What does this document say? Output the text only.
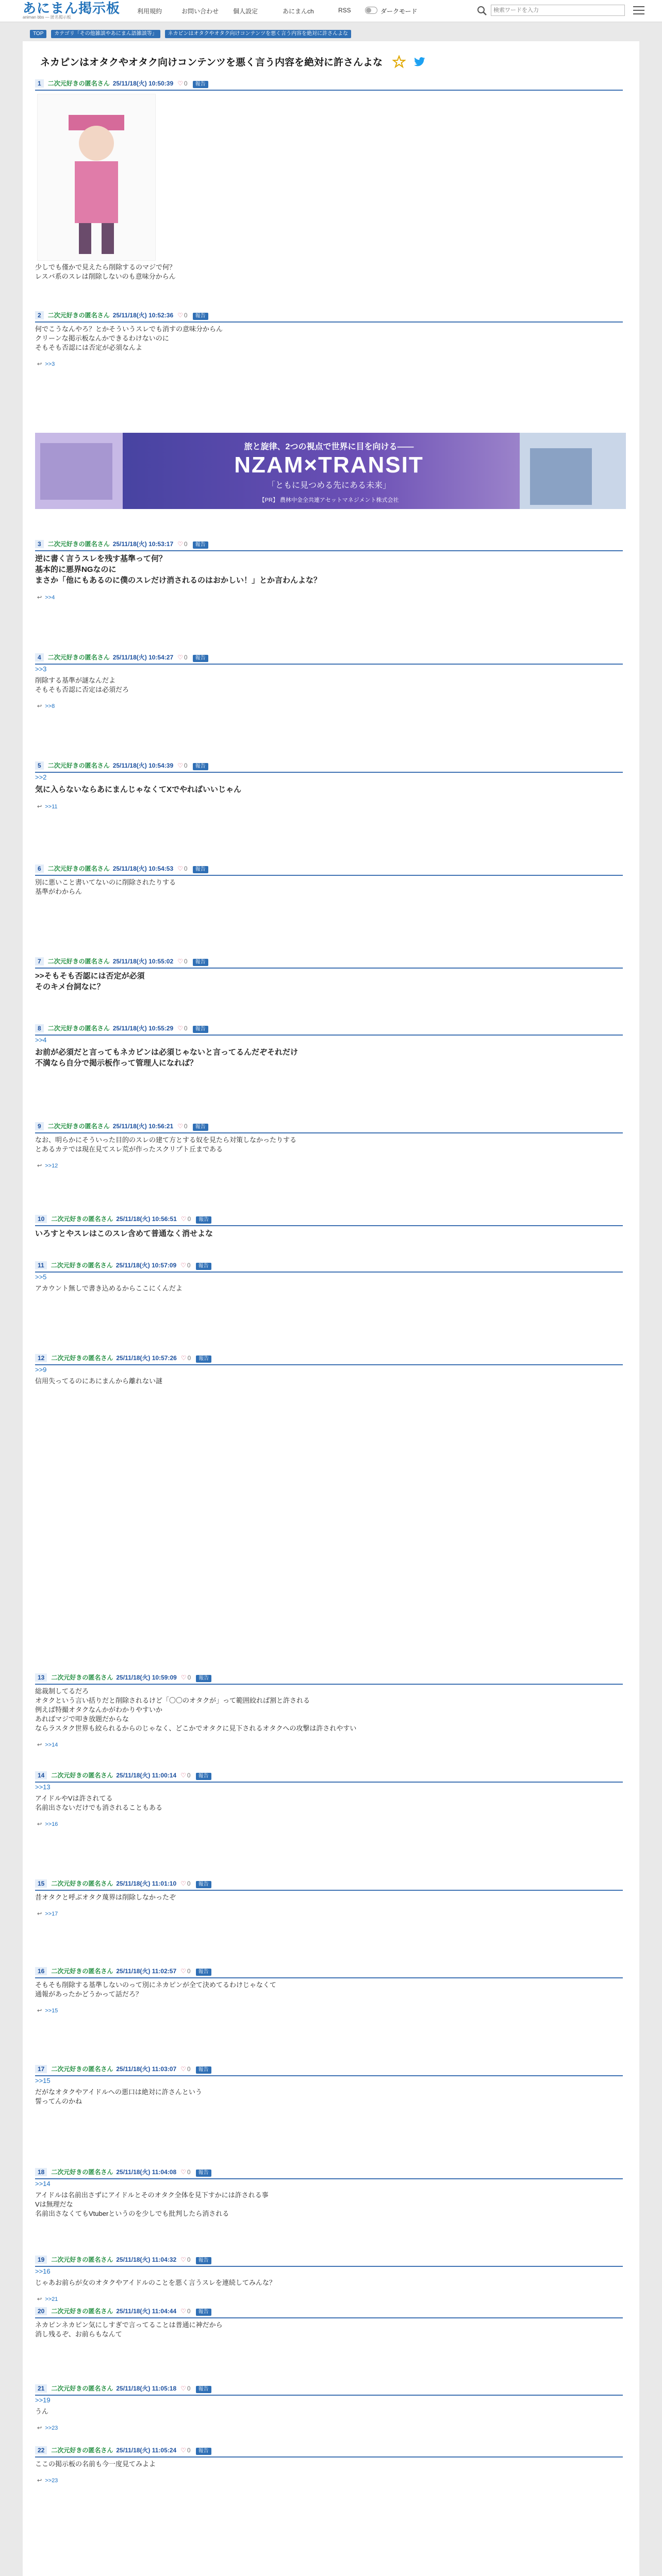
あにまん掲示板
animan bbs — 匿名掲示板
利用規約	お問い合わせ 個人設定	あにまんch	RSS	ダークモード
検索ワードを入力
TOP カテゴリ「その他雑談やあにまん語雑談等」 ネカピンはオタクやオタク向けコンテンツを悪く言う内容を絶対に許さんよな
ネカピンはオタクやオタク向けコンテンツを悪く言う内容を絶対に許さんよな
1 二次元好きの匿名さん 25/11/18(火) 10:50:39 ♡ 0 報告
少しでも僅かで見えたら削除するのマジで何？
レスバ系のスレは削除しないのも意味分からん
2 二次元好きの匿名さん 25/11/18(火) 10:52:36 ♡ 0 報告
何でこうなんやろ？とかそういうスレでも消すの意味分からん
クリーンな掲示板なんかできるわけないのに
そもそも否認には否定が必須なんよ
↩ >>3
3 二次元好きの匿名さん 25/11/18(火) 10:53:17 ♡ 0 報告
逆に書く言うスレを残す基準って何？
基本的に悪界NGなのに
まさか「他にもあるのに僕のスレだけ消されるのはおかしい！」とか言わんよな？
↩ >>4
4 二次元好きの匿名さん 25/11/18(火) 10:54:27 ♡ 0 報告
>>3
削除する基準が謎なんだよ
そもそも否認に否定は必須だろ
↩ >>8
5 二次元好きの匿名さん 25/11/18(火) 10:54:39 ♡ 0 報告
>>2
気に入らないならあにまんじゃなくてXでやればいいじゃん
↩ >>11
6 二次元好きの匿名さん 25/11/18(火) 10:54:53 ♡ 0 報告
別に悪いこと書いてないのに削除されたりする
基準がわからん
7 二次元好きの匿名さん 25/11/18(火) 10:55:02 ♡ 0 報告
>>そもそも否認には否定が必須
そのキメ台詞なに？
8 二次元好きの匿名さん 25/11/18(火) 10:55:29 ♡ 0 報告
>>4
お前が必須だと言ってもネカピンは必須じゃないと言ってるんだぞそれだけ
不満なら自分で掲示板作って管理人になれば？
9 二次元好きの匿名さん 25/11/18(火) 10:56:21 ♡ 0 報告
なお、明らかにそういった目的のスレの建て方とする奴を見たら対策しなかったりする
とあるカテでは現在見てスレ荒が作ったスクリプト丘まである
↩ >>12
10 二次元好きの匿名さん 25/11/18(火) 10:56:51 ♡ 0 報告
いろすとやスレはこのスレ含めて普通なく消せよな
11 二次元好きの匿名さん 25/11/18(火) 10:57:09 ♡ 0 報告
>>5
アカウント無しで書き込めるからここにくんだよ
12 二次元好きの匿名さん 25/11/18(火) 10:57:26 ♡ 0 報告
>>9
信用失ってるのにあにまんから離れない謎
13 二次元好きの匿名さん 25/11/18(火) 10:59:09 ♡ 0 報告
総裁制してるだろ
オタクという言い括りだと削除されるけど「〇〇のオタクが」って範囲絞れば割と許される
例えば特撮オタクなんかがわかりやすいか
あればマジで叩き放題だからな
ならラスタク世界も絞られるからのじゃなく、どこかでオタクに見下されるオタクへの攻撃は許されやすい
↩ >>14
14 二次元好きの匿名さん 25/11/18(火) 11:00:14 ♡ 0 報告
>>13
アイドルやVは許されてる
名前出さないだけでも消されることもある
↩ >>16
15 二次元好きの匿名さん 25/11/18(火) 11:01:10 ♡ 0 報告
昔オタクと呼ぶオタク蔑界は削除しなかったぞ
↩ >>17
16 二次元好きの匿名さん 25/11/18(火) 11:02:57 ♡ 0 報告
そもそも削除する基準しないのって別にネカピンが全て決めてるわけじゃなくて
通報があったかどうかって話だろ？
↩ >>15
17 二次元好きの匿名さん 25/11/18(火) 11:03:07 ♡ 0 報告
>>15
だがなオタクやアイドルへの悪口は絶対に許さんという
誓ってんのかね
18 二次元好きの匿名さん 25/11/18(火) 11:04:08 ♡ 0 報告
>>14
アイドルは名前出さずにアイドルとそのオタク全体を見下すかには許される事
Vは無理だな
名前出さなくてもVtuberというのを少しでも批判したら消される
19 二次元好きの匿名さん 25/11/18(火) 11:04:32 ♡ 0 報告
>>16
じゃあお前らが女のオタクやアイドルのことを悪く言うスレを連続してみんな？
↩ >>21
20 二次元好きの匿名さん 25/11/18(火) 11:04:44 ♡ 0 報告
ネカピンネカピン気にしすぎで言ってることは普通に神だから
消し残るぞ、お前らもなんて
21 二次元好きの匿名さん 25/11/18(火) 11:05:18 ♡ 0 報告
>>19
うん
↩ >>23
22 二次元好きの匿名さん 25/11/18(火) 11:05:24 ♡ 0 報告
ここの掲示板の名前も今一度見てみよよ
↩ >>23
旅と旋律、2つの視点で世界に目を向ける――
NZAM×TRANSIT
「ともに見つめる先にある未来」
【PR】 農林中金全共連アセットマネジメント株式会社
